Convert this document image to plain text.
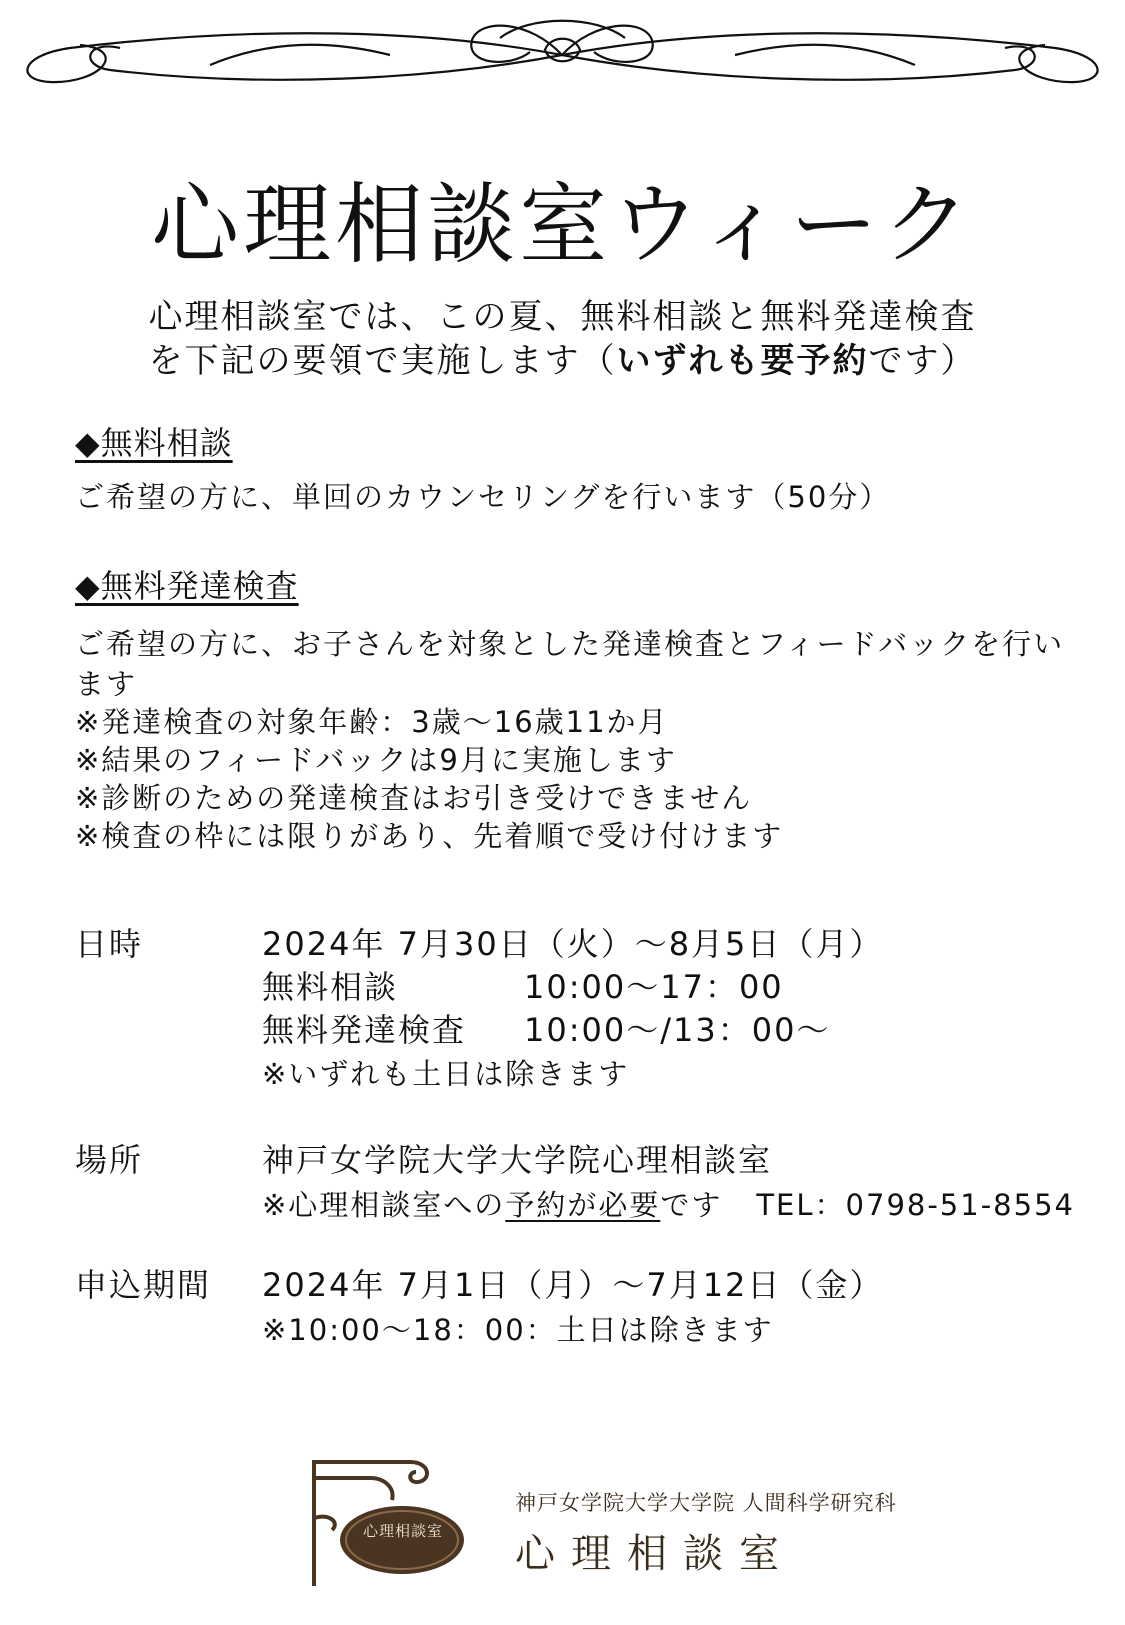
心理相談室ウィーク
心理相談室では、この夏、無料相談と無料発達検査
を下記の要領で実施します（いずれも要予約です）
◆無料相談
ご希望の方に、単回のカウンセリングを行います（50分）
◆無料発達検査
ご希望の方に、お子さんを対象とした発達検査とフィードバックを行います
※発達検査の対象年齢：3歳～16歳11か月
※結果のフィードバックは9月に実施します
※診断のための発達検査はお引き受けできません
※検査の枠には限りがあり、先着順で受け付けます
日時	2024年 7月30日（火）～8月5日（月）
無料相談	10:00～17：00
無料発達検査 10:00～/13：00～
※いずれも土日は除きます
場所	神戸女学院大学大学院心理相談室
※心理相談室への予約が必要です TEL：0798-51-8554
申込期間 2024年 7月1日（月）～7月12日（金）
※10:00～18：00：土日は除きます
心理相談室
神戸女学院大学大学院 人間科学研究科
心理相談室
